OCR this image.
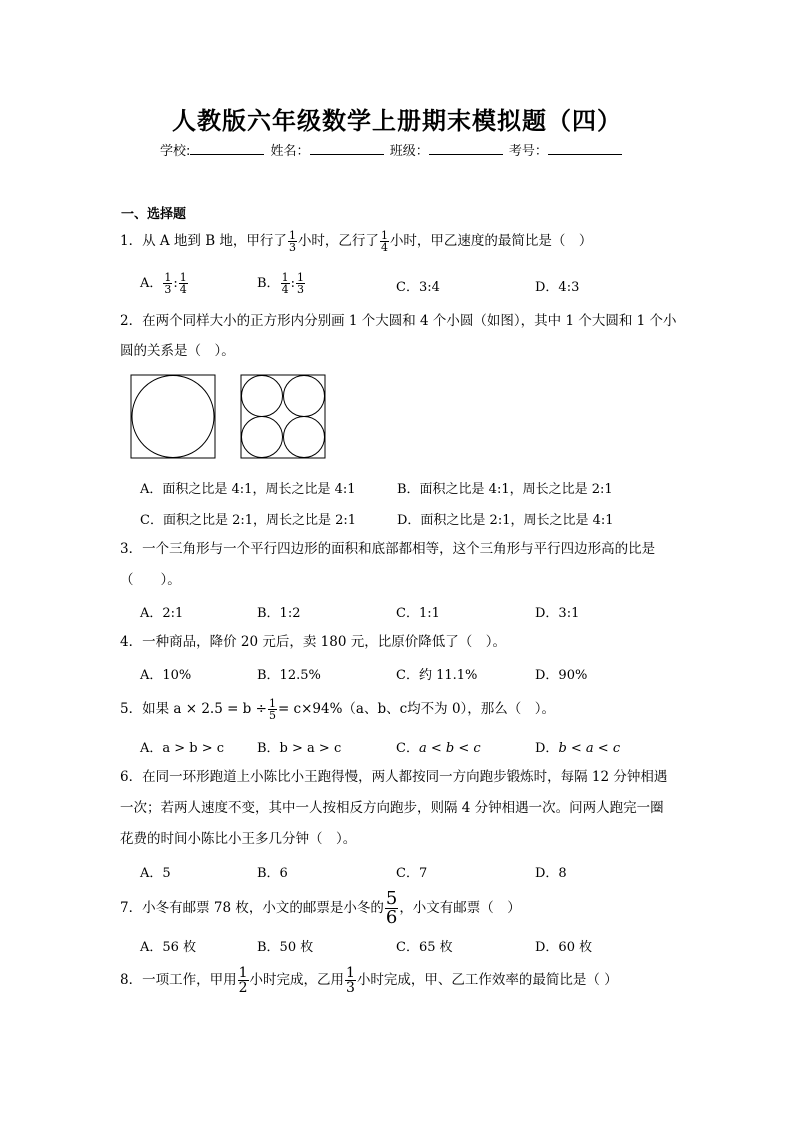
人教版六年级数学上册期末模拟题（四）
学校:	姓名：	班级：	考号：
一、选择题
1．从 A 地到 B 地，甲行了 $\frac{1}{3}$ 小时，乙行了 $\frac{1}{4}$ 小时，甲乙速度的最简比是（　）
A． $\frac{1}{3}$ : $\frac{1}{4}$	B． $\frac{1}{4}$ : $\frac{1}{3}$	C．3:4	D．4:3
2．在两个同样大小的正方形内分别画 1 个大圆和 4 个小圆（如图），其中 1 个大圆和 1 个小
圆的关系是（　）。
A．面积之比是 4:1，周长之比是 4:1	B．面积之比是 4:1，周长之比是 2:1
C．面积之比是 2:1，周长之比是 2:1	D．面积之比是 2:1，周长之比是 4:1
3．一个三角形与一个平行四边形的面积和底部都相等，这个三角形与平行四边形高的比是
（　　）。
A．2:1	B．1:2	C．1:1	D．3:1
4．一种商品，降价 20 元后，卖 180 元，比原价降低了（　）。
A．10%	B．12.5%	C．约 11.1%	D．90%
5．如果 $a \times 2.5 = b \div \frac{1}{5} = c\times 94\%(a$、b、c均不为 0），那么（　）。
A．a > b > c	B．b > a > c	C．a < b < c	D．b < a < c
6．在同一环形跑道上小陈比小王跑得慢，两人都按同一方向跑步锻炼时，每隔 12 分钟相遇
一次；若两人速度不变，其中一人按相反方向跑步，则隔 4 分钟相遇一次。问两人跑完一圈
花费的时间小陈比小王多几分钟（　）。
A．5	B．6	C．7	D．8
7．小冬有邮票 78 枚，小文的邮票是小冬的 $\frac{5}{6}$ ，小文有邮票（　）
A．56 枚	B．50 枚	C．65 枚	D．60 枚
8．一项工作，甲用 $\frac{1}{2}$ 小时完成，乙用 $\frac{1}{3}$ 小时完成，甲、乙工作效率的最简比是（ ）
